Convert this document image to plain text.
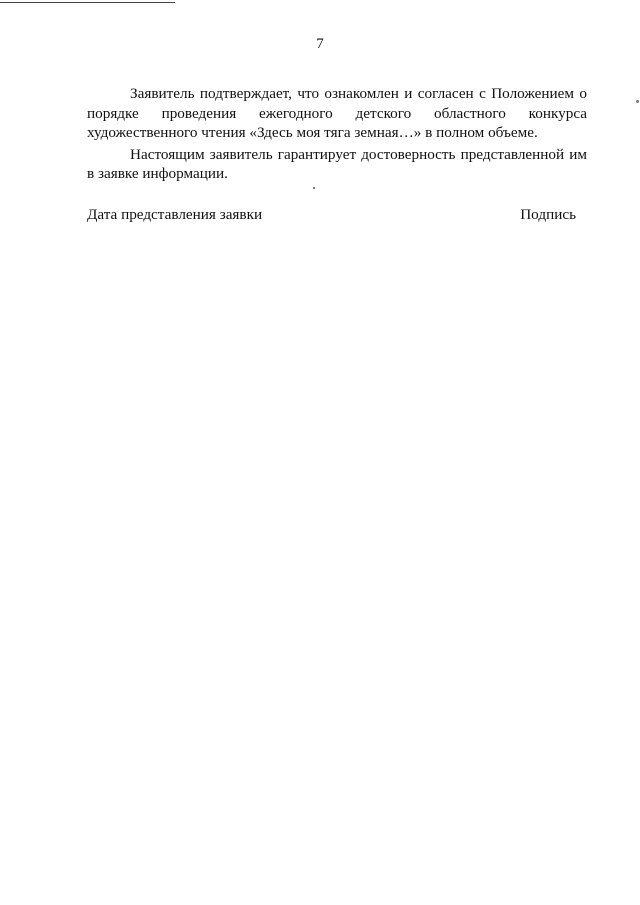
7

Заявитель подтверждает, что ознакомлен и согласен с Положением о порядке проведения ежегодного детского областного конкурса художественного чтения «Здесь моя тяга земная…» в полном объеме.

Настоящим заявитель гарантирует достоверность представленной им в заявке информации.

Дата представления заявки	Подпись
